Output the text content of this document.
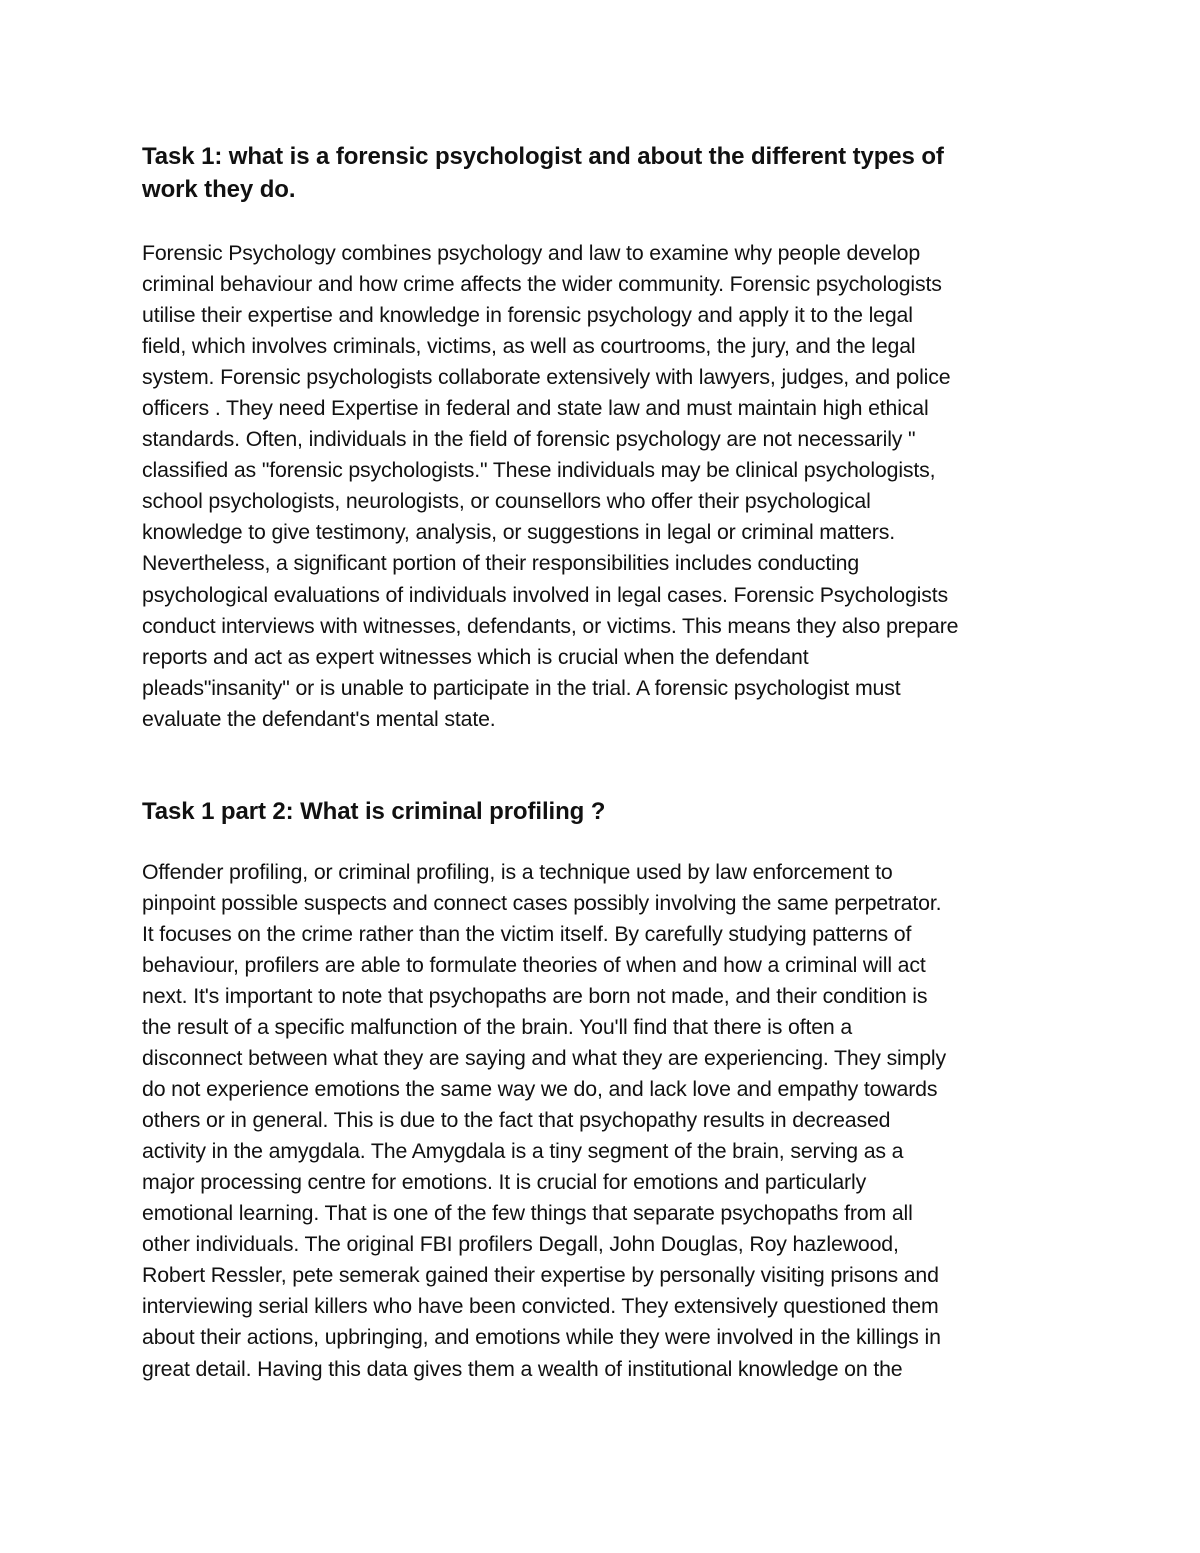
Task 1: what is a forensic psychologist and about the different types of
work they do.

Forensic Psychology combines psychology and law to examine why people develop
criminal behaviour and how crime affects the wider community. Forensic psychologists
utilise their expertise and knowledge in forensic psychology and apply it to the legal
field, which involves criminals, victims, as well as courtrooms, the jury, and the legal
system. Forensic psychologists collaborate extensively with lawyers, judges, and police
officers . They need Expertise in federal and state law and must maintain high ethical
standards. Often, individuals in the field of forensic psychology are not necessarily "
classified as "forensic psychologists." These individuals may be clinical psychologists,
school psychologists, neurologists, or counsellors who offer their psychological
knowledge to give testimony, analysis, or suggestions in legal or criminal matters.
Nevertheless, a significant portion of their responsibilities includes conducting
psychological evaluations of individuals involved in legal cases. Forensic Psychologists
conduct interviews with witnesses, defendants, or victims. This means they also prepare
reports and act as expert witnesses which is crucial when the defendant
pleads"insanity" or is unable to participate in the trial. A forensic psychologist must
evaluate the defendant's mental state.

Task 1 part 2: What is criminal profiling ?

Offender profiling, or criminal profiling, is a technique used by law enforcement to
pinpoint possible suspects and connect cases possibly involving the same perpetrator.
It focuses on the crime rather than the victim itself. By carefully studying patterns of
behaviour, profilers are able to formulate theories of when and how a criminal will act
next. It's important to note that psychopaths are born not made, and their condition is
the result of a specific malfunction of the brain. You'll find that there is often a
disconnect between what they are saying and what they are experiencing. They simply
do not experience emotions the same way we do, and lack love and empathy towards
others or in general. This is due to the fact that psychopathy results in decreased
activity in the amygdala. The Amygdala is a tiny segment of the brain, serving as a
major processing centre for emotions. It is crucial for emotions and particularly
emotional learning. That is one of the few things that separate psychopaths from all
other individuals. The original FBI profilers Degall, John Douglas, Roy hazlewood,
Robert Ressler, pete semerak gained their expertise by personally visiting prisons and
interviewing serial killers who have been convicted. They extensively questioned them
about their actions, upbringing, and emotions while they were involved in the killings in
great detail. Having this data gives them a wealth of institutional knowledge on the
